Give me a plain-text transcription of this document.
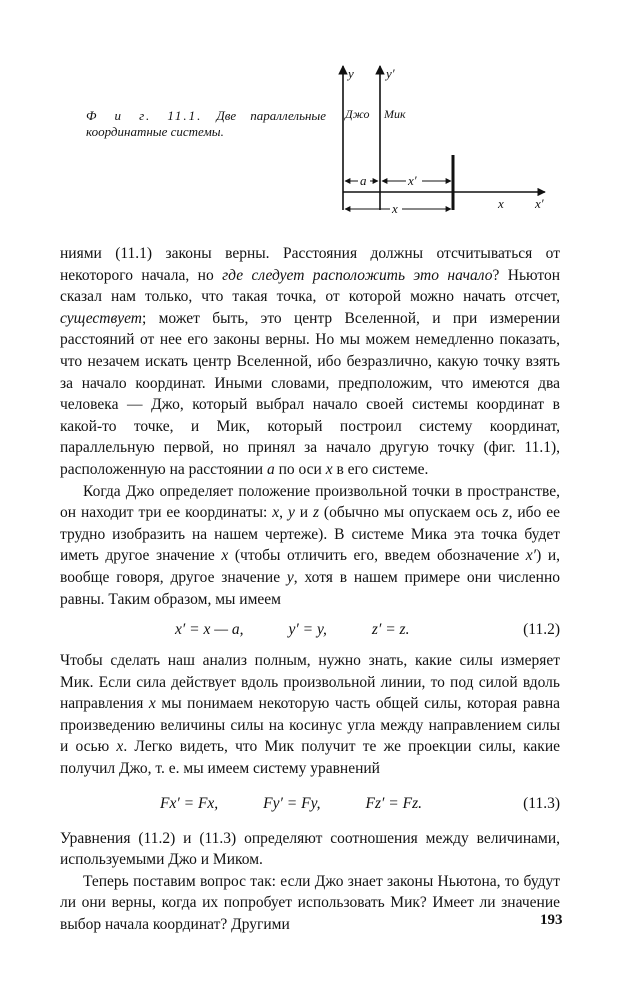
Ф и г. 11.1. Две параллельные
координатные системы.
y y′
Джо Мик
a	x′
x	x x′

ниями (11.1) законы верны. Расстояния должны отсчитываться от некоторого начала, но где следует расположить это начало? Ньютон сказал нам только, что такая точка, от которой можно начать отсчет, существует; может быть, это центр Вселенной, и при измерении расстояний от нее его законы верны. Но мы можем немедленно показать, что незачем искать центр Вселенной, ибо безразлично, какую точку взять за начало координат. Иными словами, предположим, что имеются два человека — Джо, который выбрал начало своей системы координат в какой-то точке, и Мик, который построил систему координат, параллельную первой, но принял за начало другую точку (фиг. 11.1), расположенную на расстоянии a по оси x в его системе.

Когда Джо определяет положение произвольной точки в пространстве, он находит три ее координаты: x, y и z (обычно мы опускаем ось z, ибо ее трудно изобразить на нашем чертеже). В системе Мика эта точка будет иметь другое значение x (чтобы отличить его, введем обозначение x′) и, вообще говоря, другое значение y, хотя в нашем примере они численно равны. Таким образом, мы имеем

x′ = x — a,	y′ = y,	z′ = z.	(11.2)

Чтобы сделать наш анализ полным, нужно знать, какие силы измеряет Мик. Если сила действует вдоль произвольной линии, то под силой вдоль направления x мы понимаем некоторую часть общей силы, которая равна произведению величины силы на косинус угла между направлением силы и осью x. Легко видеть, что Мик получит те же проекции силы, какие получил Джо, т. е. мы имеем систему уравнений

Fx′ = Fx,	Fy′ = Fy,	Fz′ = Fz.	(11.3)

Уравнения (11.2) и (11.3) определяют соотношения между величинами, используемыми Джо и Миком.

Теперь поставим вопрос так: если Джо знает законы Ньютона, то будут ли они верны, когда их попробует использовать Мик? Имеет ли значение выбор начала координат? Другими	193
